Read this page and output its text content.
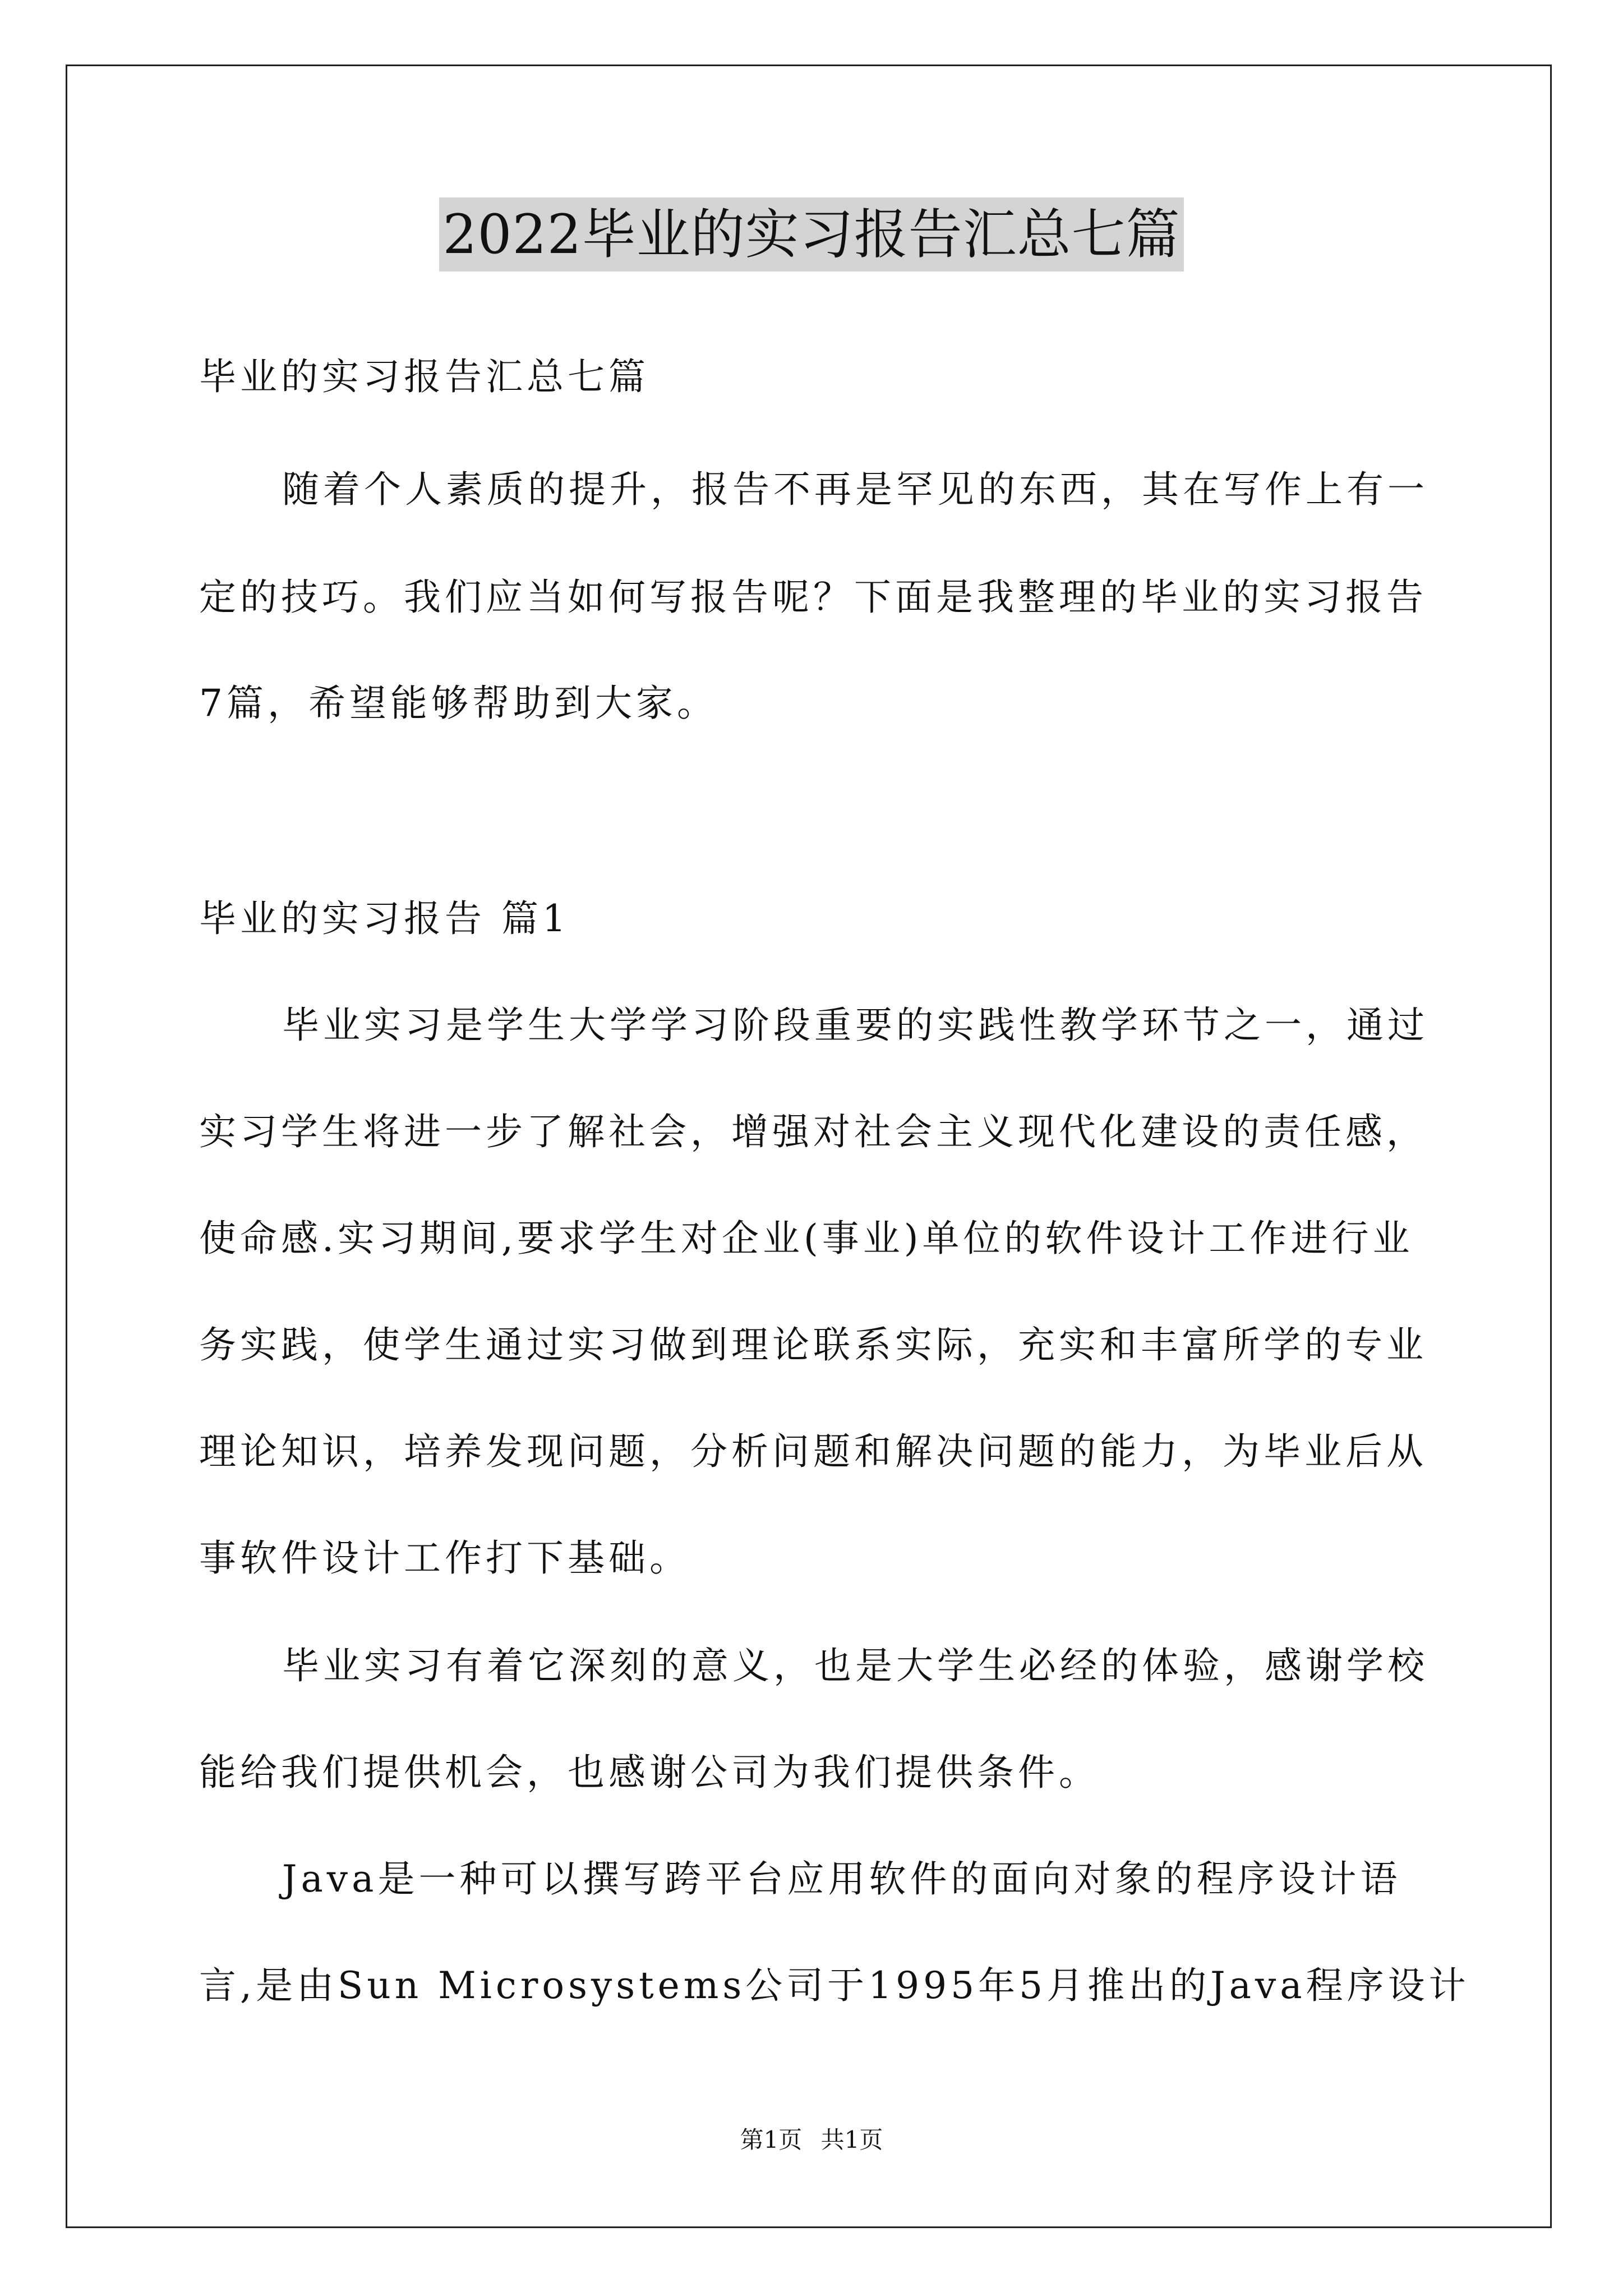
2022毕业的实习报告汇总七篇
毕业的实习报告汇总七篇
随着个人素质的提升，报告不再是罕见的东西，其在写作上有一
定的技巧。我们应当如何写报告呢？下面是我整理的毕业的实习报告
7篇，希望能够帮助到大家。
毕业的实习报告 篇1
毕业实习是学生大学学习阶段重要的实践性教学环节之一，通过
实习学生将进一步了解社会，增强对社会主义现代化建设的责任感，
使命感.实习期间,要求学生对企业(事业)单位的软件设计工作进行业
务实践，使学生通过实习做到理论联系实际，充实和丰富所学的专业
理论知识，培养发现问题，分析问题和解决问题的能力，为毕业后从
事软件设计工作打下基础。
毕业实习有着它深刻的意义，也是大学生必经的体验，感谢学校
能给我们提供机会，也感谢公司为我们提供条件。
Java是一种可以撰写跨平台应用软件的面向对象的程序设计语
言,是由Sun Microsystems公司于1995年5月推出的Java程序设计
第1页 共1页
